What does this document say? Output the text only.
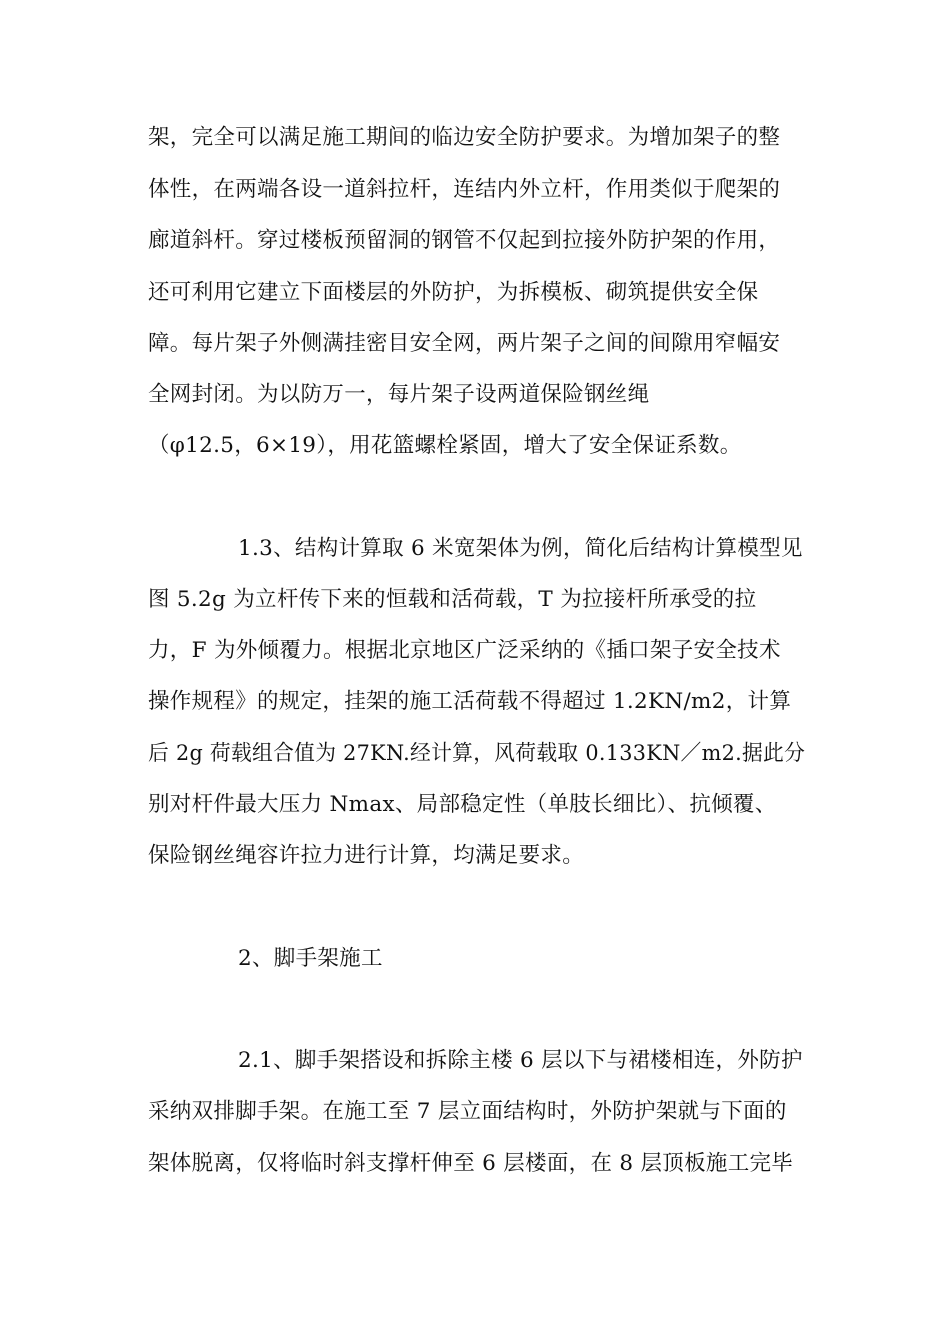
架，完全可以满足施工期间的临边安全防护要求。为增加架子的整
体性，在两端各设一道斜拉杆，连结内外立杆，作用类似于爬架的
廊道斜杆。穿过楼板预留洞的钢管不仅起到拉接外防护架的作用，
还可利用它建立下面楼层的外防护，为拆模板、砌筑提供安全保
障。每片架子外侧满挂密目安全网，两片架子之间的间隙用窄幅安
全网封闭。为以防万一，每片架子设两道保险钢丝绳
（φ12.5，6×19），用花篮螺栓紧固，增大了安全保证系数。
1.3、结构计算取 6 米宽架体为例，简化后结构计算模型见
图 5.2g 为立杆传下来的恒载和活荷载，T 为拉接杆所承受的拉
力，F 为外倾覆力。根据北京地区广泛采纳的《插口架子安全技术
操作规程》的规定，挂架的施工活荷载不得超过 1.2KN/m2，计算
后 2g 荷载组合值为 27KN.经计算，风荷载取 0.133KN／m2.据此分
别对杆件最大压力 Nmax、局部稳定性（单肢长细比）、抗倾覆、
保险钢丝绳容许拉力进行计算，均满足要求。
2、脚手架施工
2.1、脚手架搭设和拆除主楼 6 层以下与裙楼相连，外防护
采纳双排脚手架。在施工至 7 层立面结构时，外防护架就与下面的
架体脱离，仅将临时斜支撑杆伸至 6 层楼面，在 8 层顶板施工完毕
